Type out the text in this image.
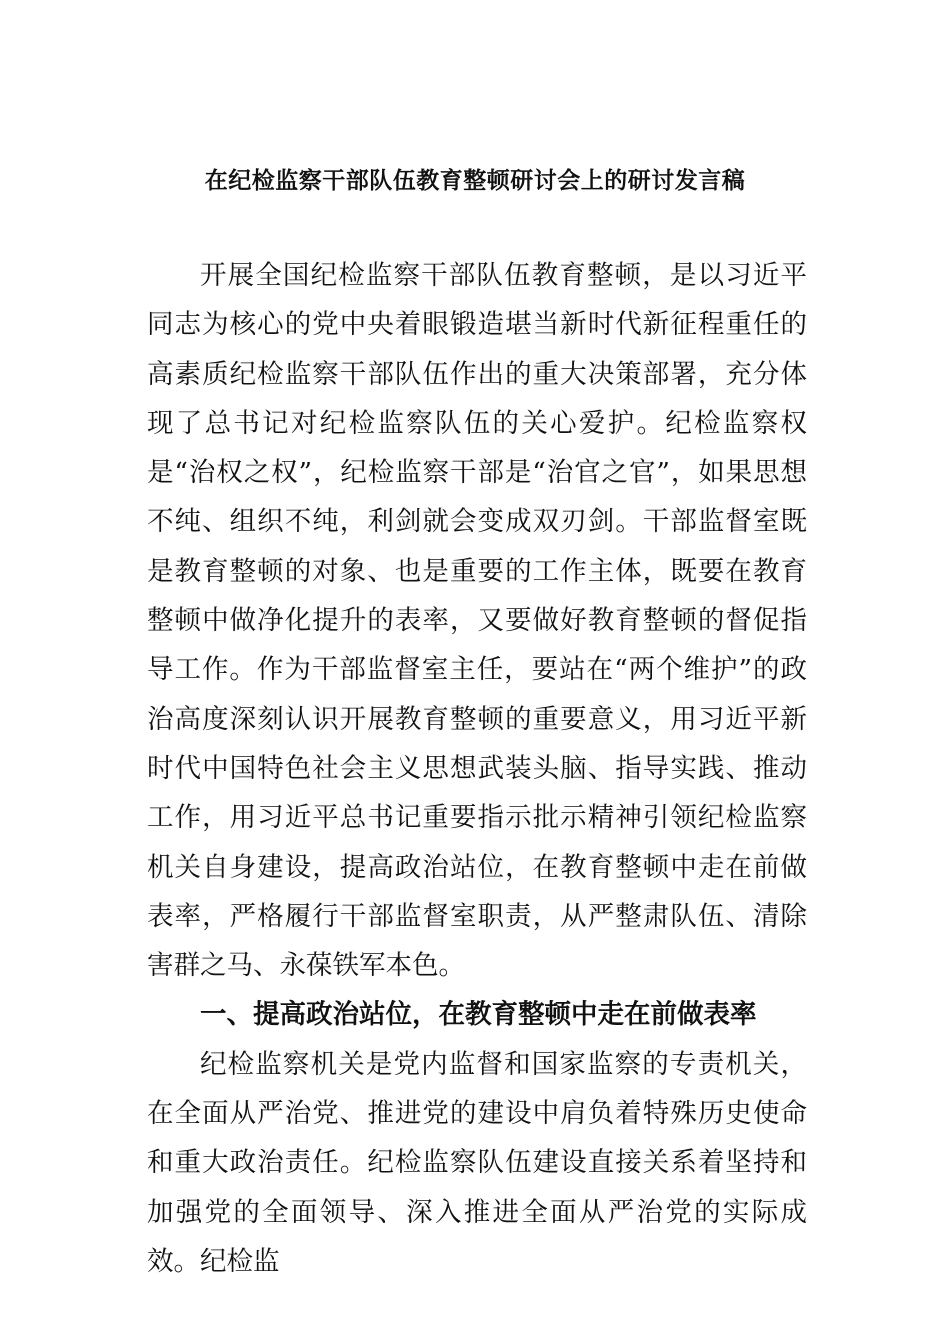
在纪检监察干部队伍教育整顿研讨会上的研讨发言稿

开展全国纪检监察干部队伍教育整顿，是以习近平同志为核心的党中央着眼锻造堪当新时代新征程重任的高素质纪检监察干部队伍作出的重大决策部署，充分体现了总书记对纪检监察队伍的关心爱护。纪检监察权是“治权之权”，纪检监察干部是“治官之官”，如果思想不纯、组织不纯，利剑就会变成双刃剑。干部监督室既是教育整顿的对象、也是重要的工作主体，既要在教育整顿中做净化提升的表率，又要做好教育整顿的督促指导工作。作为干部监督室主任，要站在“两个维护”的政治高度深刻认识开展教育整顿的重要意义，用习近平新时代中国特色社会主义思想武装头脑、指导实践、推动工作，用习近平总书记重要指示批示精神引领纪检监察机关自身建设，提高政治站位，在教育整顿中走在前做表率，严格履行干部监督室职责，从严整肃队伍、清除害群之马、永葆铁军本色。

一、提高政治站位，在教育整顿中走在前做表率

纪检监察机关是党内监督和国家监察的专责机关，在全面从严治党、推进党的建设中肩负着特殊历史使命和重大政治责任。纪检监察队伍建设直接关系着坚持和加强党的全面领导、深入推进全面从严治党的实际成效。纪检监
